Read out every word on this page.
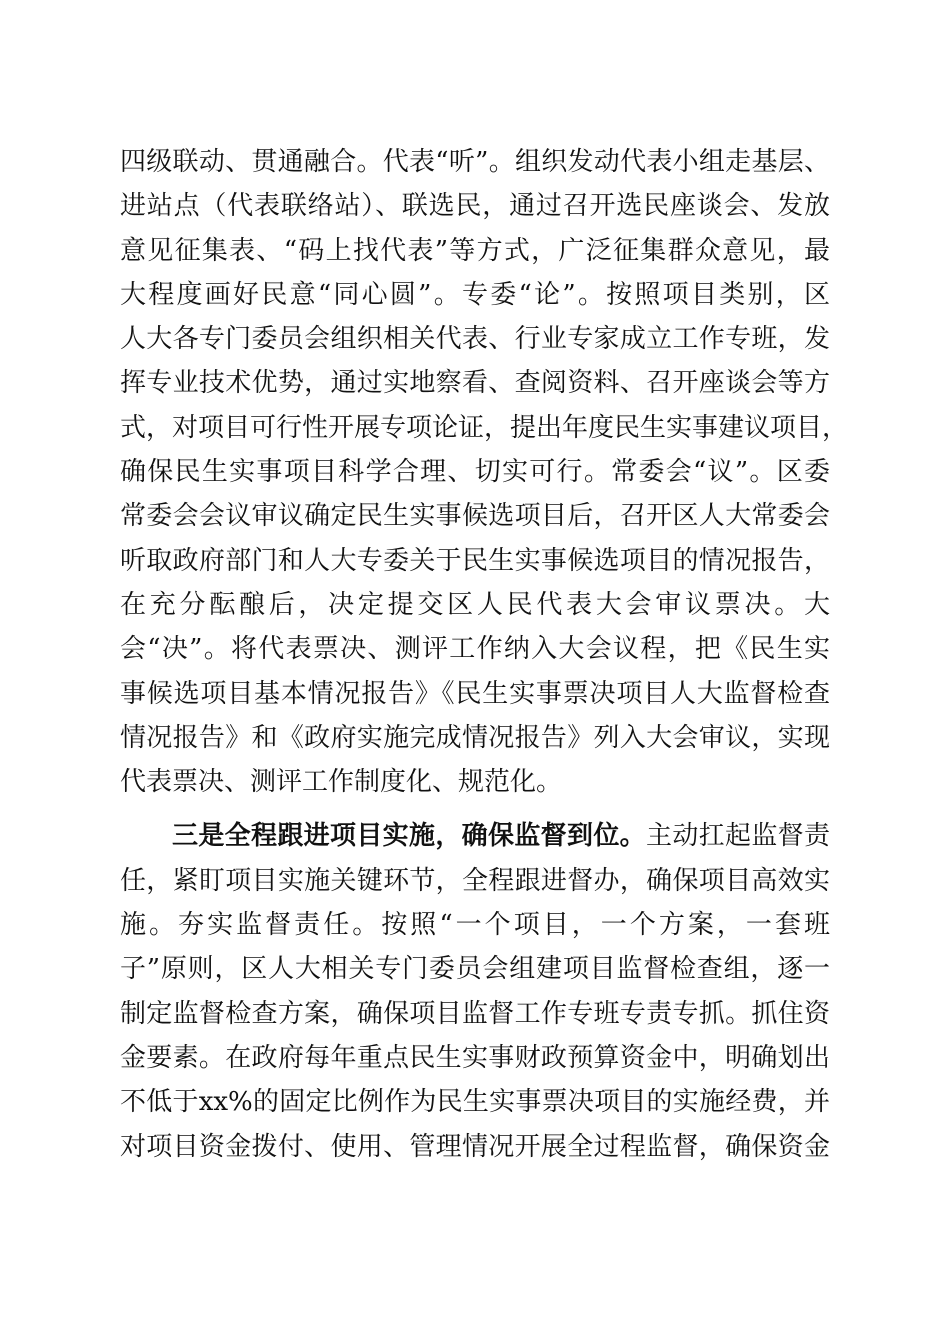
四级联动、贯通融合。代表“听”。组织发动代表小组走基层、
进站点（代表联络站）、联选民，通过召开选民座谈会、发放
意见征集表、“码上找代表”等方式，广泛征集群众意见，最
大程度画好民意“同心圆”。专委“论”。按照项目类别，区
人大各专门委员会组织相关代表、行业专家成立工作专班，发
挥专业技术优势，通过实地察看、查阅资料、召开座谈会等方
式，对项目可行性开展专项论证，提出年度民生实事建议项目，
确保民生实事项目科学合理、切实可行。常委会“议”。区委
常委会会议审议确定民生实事候选项目后，召开区人大常委会
听取政府部门和人大专委关于民生实事候选项目的情况报告，
在充分酝酿后，决定提交区人民代表大会审议票决。大
会“决”。将代表票决、测评工作纳入大会议程，把《民生实
事候选项目基本情况报告》《民生实事票决项目人大监督检查
情况报告》和《政府实施完成情况报告》列入大会审议，实现
代表票决、测评工作制度化、规范化。
三是全程跟进项目实施，确保监督到位。主动扛起监督责
任，紧盯项目实施关键环节，全程跟进督办，确保项目高效实
施。夯实监督责任。按照“一个项目，一个方案，一套班
子”原则，区人大相关专门委员会组建项目监督检查组，逐一
制定监督检查方案，确保项目监督工作专班专责专抓。抓住资
金要素。在政府每年重点民生实事财政预算资金中，明确划出
不低于xx%的固定比例作为民生实事票决项目的实施经费，并
对项目资金拨付、使用、管理情况开展全过程监督，确保资金
